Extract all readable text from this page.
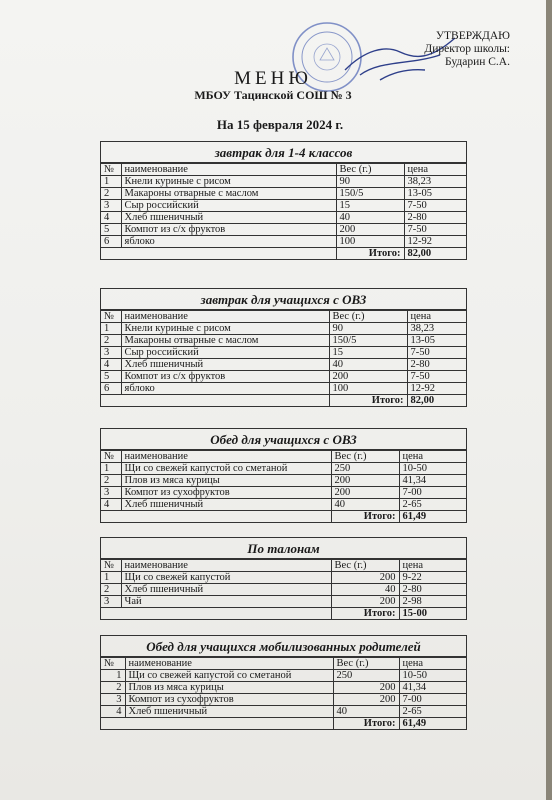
УТВЕРЖДАЮ
Директор школы:
Бударин С.А.
МЕНЮ
МБОУ Тацинской СОШ № 3
На 15 февраля 2024 г.
завтрак для 1-4 классов
№	наименование	Вес (г.)	цена
1	Кнели куриные с рисом	90	38,23
2	Макароны отварные с маслом	150/5	13-05
3	Сыр российский	15	7-50
4	Хлеб пшеничный	40	2-80
5	Компот из с/х фруктов	200	7-50
6	яблоко	100	12-92
		Итого:	82,00
завтрак для учащихся с ОВЗ
№	наименование	Вес (г.)	цена
1	Кнели куриные с рисом	90	38,23
2	Макароны отварные с маслом	150/5	13-05
3	Сыр российский	15	7-50
4	Хлеб пшеничный	40	2-80
5	Компот из с/х фруктов	200	7-50
6	яблоко	100	12-92
		Итого:	82,00
Обед для учащихся с ОВЗ
№	наименование	Вес (г.)	цена
1	Щи со свежей капустой со сметаной	250	10-50
2	Плов из мяса курицы	200	41,34
3	Компот из сухофруктов	200	7-00
4	Хлеб пшеничный	40	2-65
		Итого:	61,49
По талонам
№	наименование	Вес (г.)	цена
1	Щи со свежей капустой	200	9-22
2	Хлеб пшеничный	40	2-80
3	Чай	200	2-98
		Итого:	15-00
Обед для учащихся мобилизованных родителей
№	наименование	Вес (г.)	цена
1	Щи со свежей капустой со сметаной	250	10-50
2	Плов из мяса курицы	200	41,34
3	Компот из сухофруктов	200	7-00
4	Хлеб пшеничный	40	2-65
		Итого:	61,49
